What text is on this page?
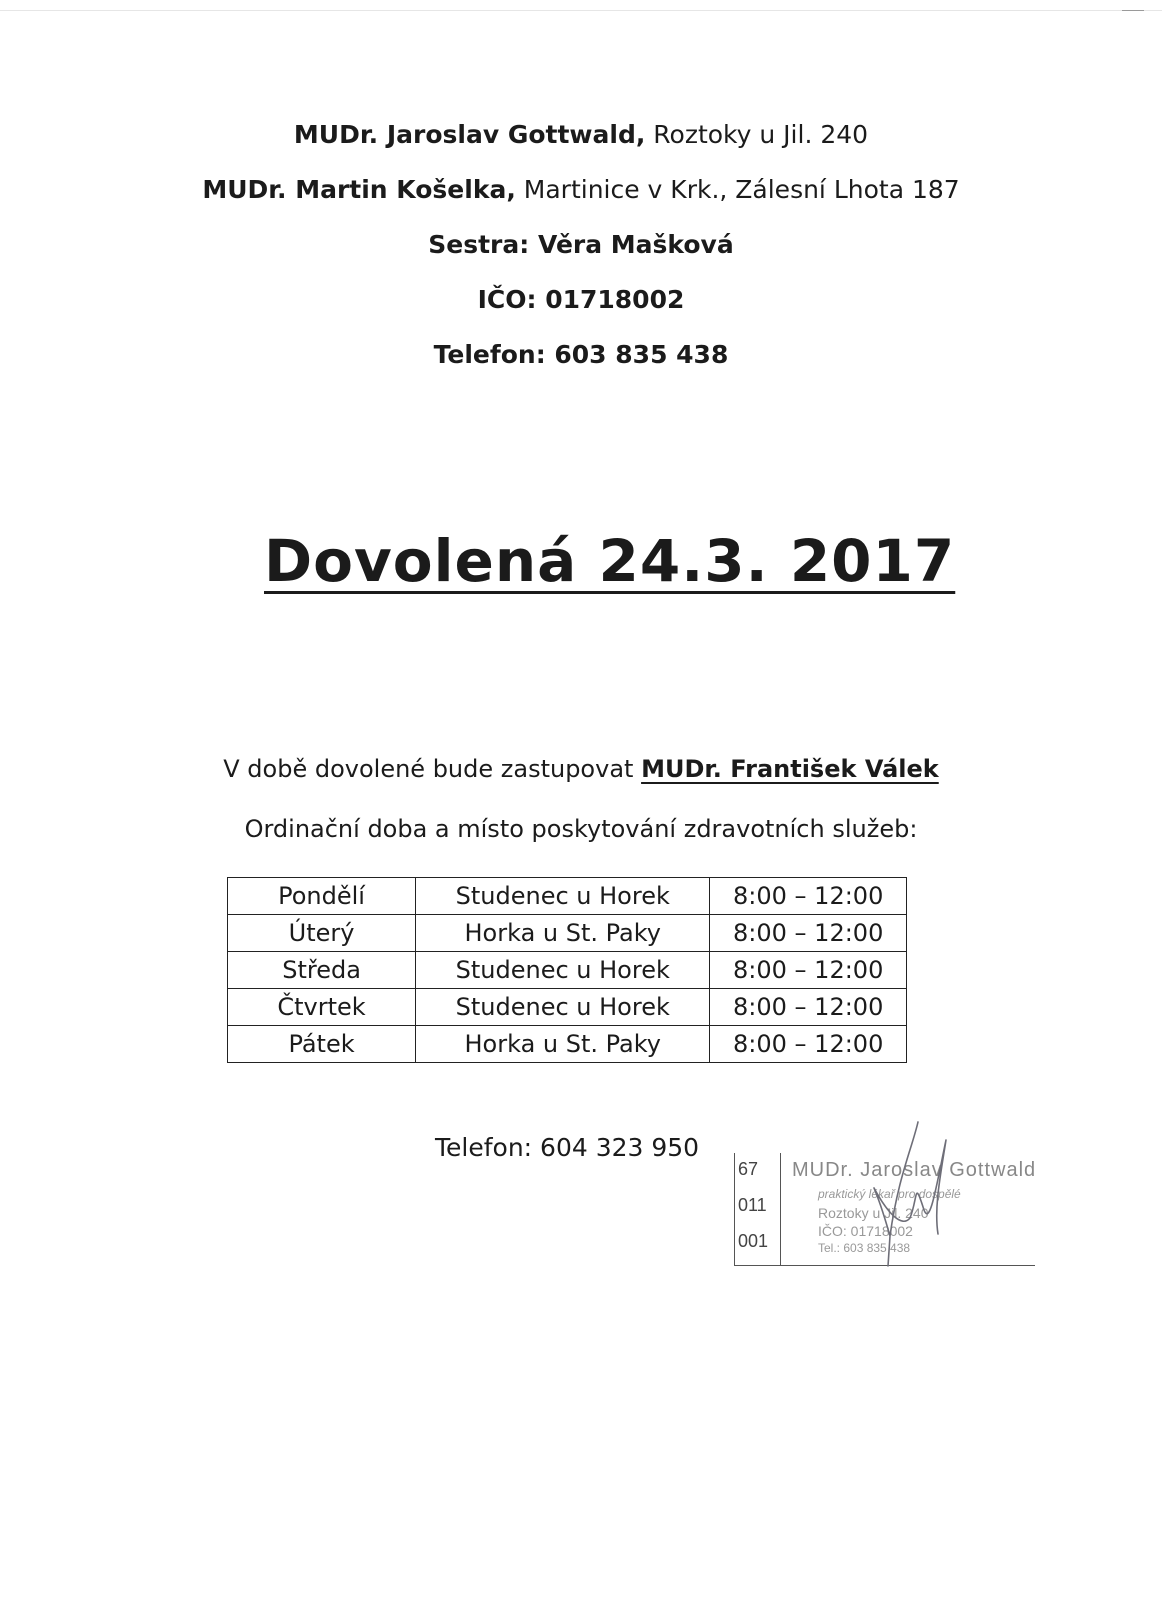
MUDr. Jaroslav Gottwald, Roztoky u Jil. 240
MUDr. Martin Košelka, Martinice v Krk., Zálesní Lhota 187
Sestra: Věra Mašková
IČO: 01718002
Telefon: 603 835 438
Dovolená 24.3. 2017
V době dovolené bude zastupovat MUDr. František Válek
Ordinační doba a místo poskytování zdravotních služeb:
Pondělí	Studenec u Horek	8:00 – 12:00
Úterý	Horka u St. Paky	8:00 – 12:00
Středa	Studenec u Horek	8:00 – 12:00
Čtvrtek	Studenec u Horek	8:00 – 12:00
Pátek	Horka u St. Paky	8:00 – 12:00
Telefon: 604 323 950
67
011
001
MUDr. Jaroslav Gottwald
praktický lékař pro dospělé
Roztoky u Jil. 240
IČO: 01718002
Tel.: 603 835 438
